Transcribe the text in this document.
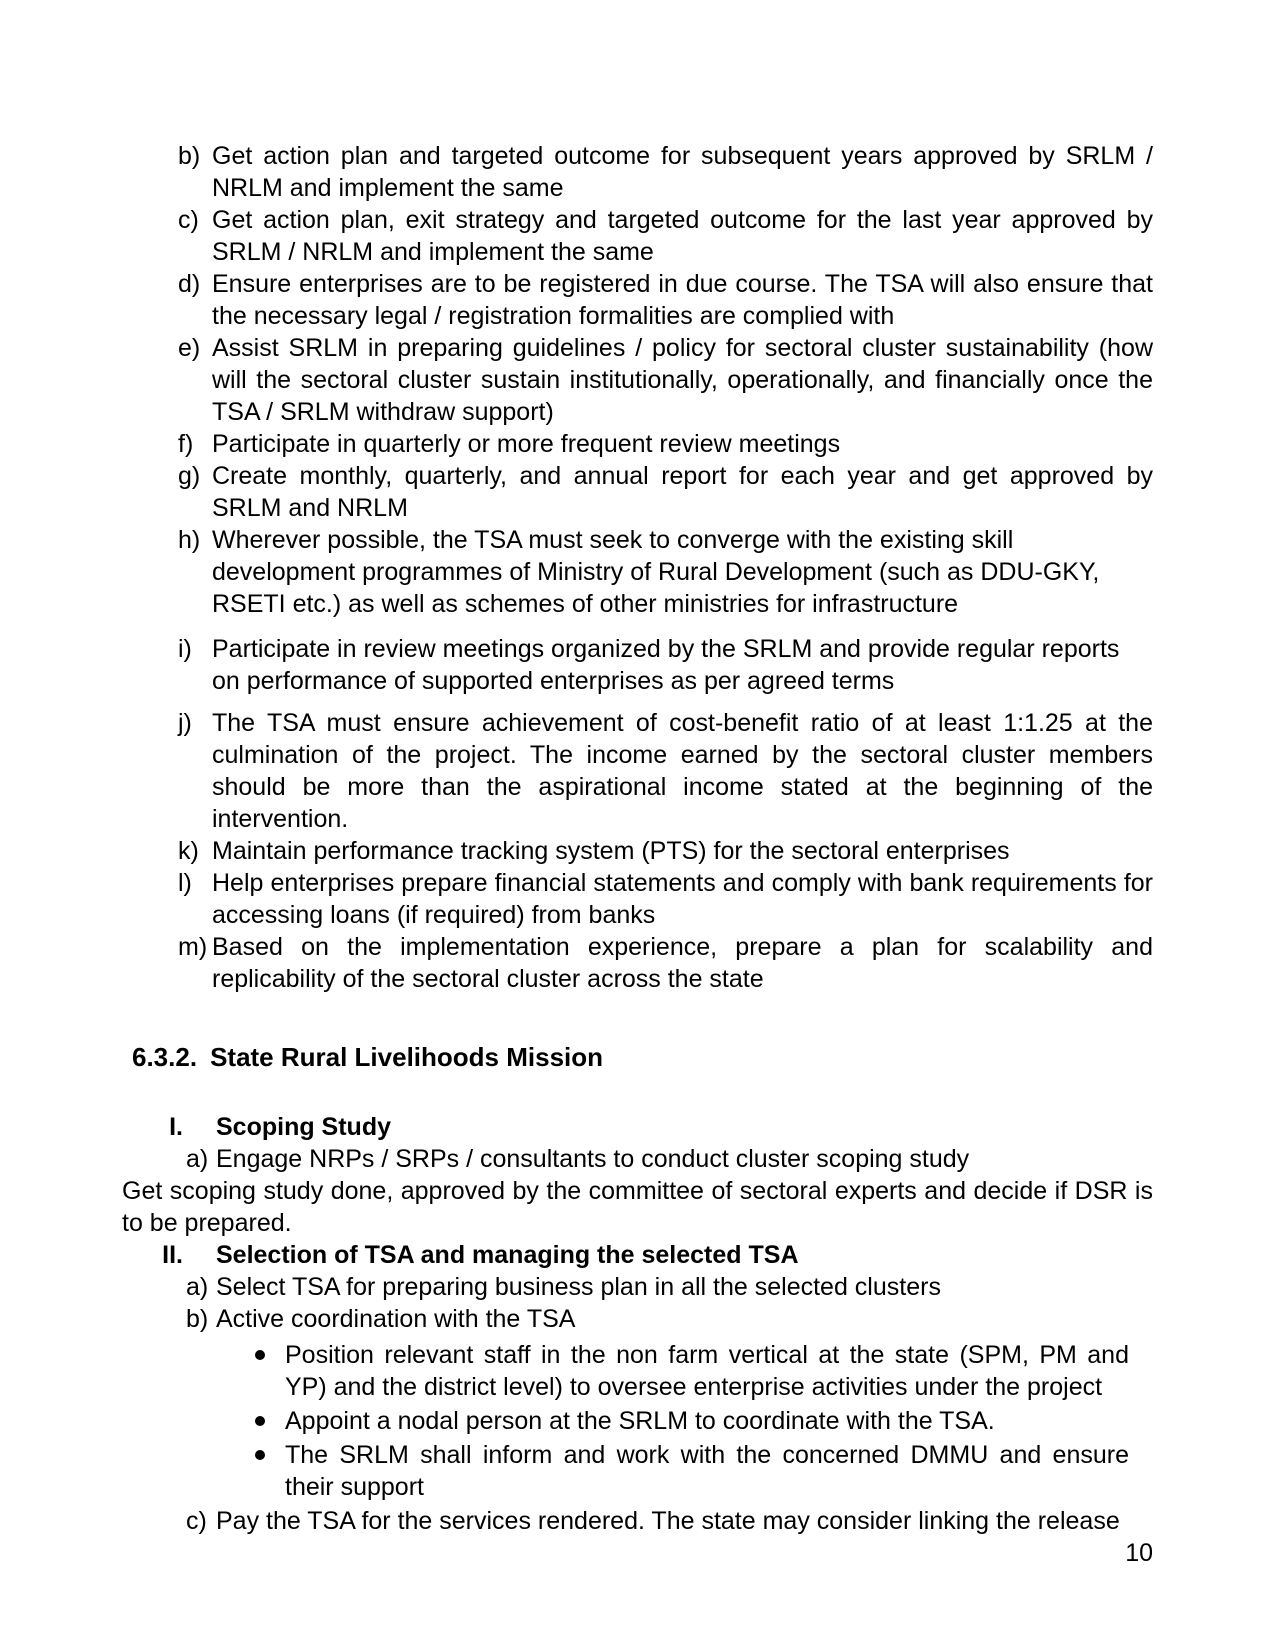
b) Get action plan and targeted outcome for subsequent years approved by SRLM / NRLM and implement the same
c) Get action plan, exit strategy and targeted outcome for the last year approved by SRLM / NRLM and implement the same
d) Ensure enterprises are to be registered in due course. The TSA will also ensure that the necessary legal / registration formalities are complied with
e) Assist SRLM in preparing guidelines / policy for sectoral cluster sustainability (how will the sectoral cluster sustain institutionally, operationally, and financially once the TSA / SRLM withdraw support)
f) Participate in quarterly or more frequent review meetings
g) Create monthly, quarterly, and annual report for each year and get approved by SRLM and NRLM
h) Wherever possible, the TSA must seek to converge with the existing skill development programmes of Ministry of Rural Development (such as DDU-GKY, RSETI etc.) as well as schemes of other ministries for infrastructure
i) Participate in review meetings organized by the SRLM and provide regular reports on performance of supported enterprises as per agreed terms
j) The TSA must ensure achievement of cost-benefit ratio of at least 1:1.25 at the culmination of the project. The income earned by the sectoral cluster members should be more than the aspirational income stated at the beginning of the intervention.
k) Maintain performance tracking system (PTS) for the sectoral enterprises
l) Help enterprises prepare financial statements and comply with bank requirements for accessing loans (if required) from banks
m) Based on the implementation experience, prepare a plan for scalability and replicability of the sectoral cluster across the state
6.3.2. State Rural Livelihoods Mission
I. Scoping Study
a) Engage NRPs / SRPs / consultants to conduct cluster scoping study

Get scoping study done, approved by the committee of sectoral experts and decide if DSR is to be prepared.

II. Selection of TSA and managing the selected TSA
a) Select TSA for preparing business plan in all the selected clusters
b) Active coordination with the TSA
Position relevant staff in the non farm vertical at the state (SPM, PM and YP) and the district level) to oversee enterprise activities under the project
Appoint a nodal person at the SRLM to coordinate with the TSA.
The SRLM shall inform and work with the concerned DMMU and ensure their support
c) Pay the TSA for the services rendered. The state may consider linking the release
10
